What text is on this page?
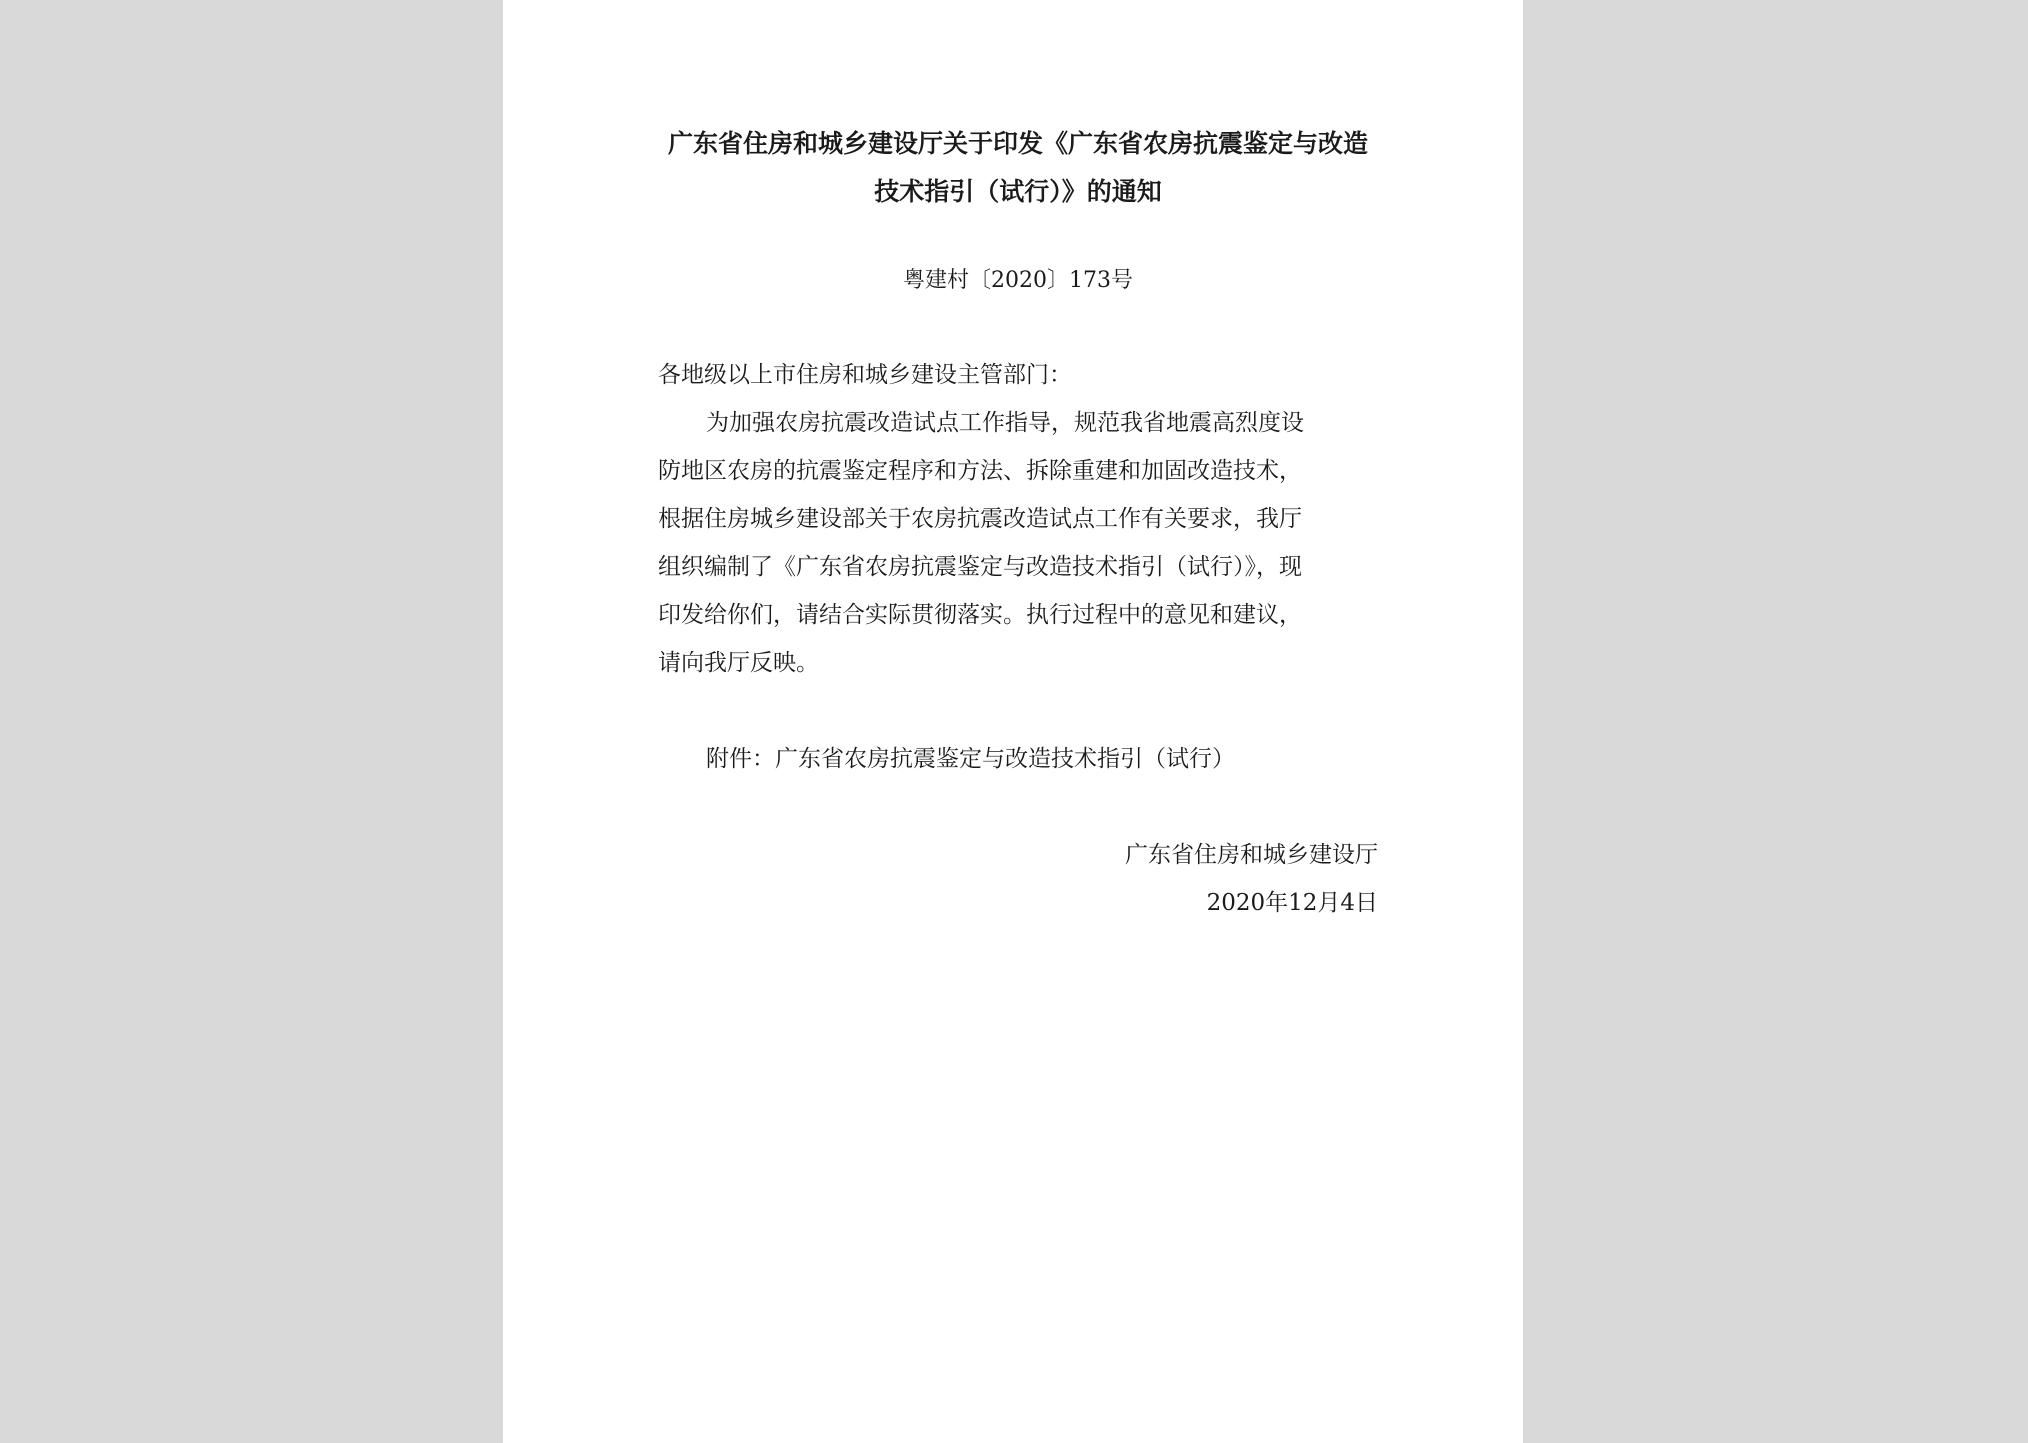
广东省住房和城乡建设厅关于印发《广东省农房抗震鉴定与改造
技术指引（试行）》的通知
粤建村〔2020〕173号
各地级以上市住房和城乡建设主管部门：
为加强农房抗震改造试点工作指导，规范我省地震高烈度设
防地区农房的抗震鉴定程序和方法、拆除重建和加固改造技术，
根据住房城乡建设部关于农房抗震改造试点工作有关要求，我厅
组织编制了《广东省农房抗震鉴定与改造技术指引（试行）》，现
印发给你们，请结合实际贯彻落实。执行过程中的意见和建议，
请向我厅反映。
附件：广东省农房抗震鉴定与改造技术指引（试行）
广东省住房和城乡建设厅
2020年12月4日
